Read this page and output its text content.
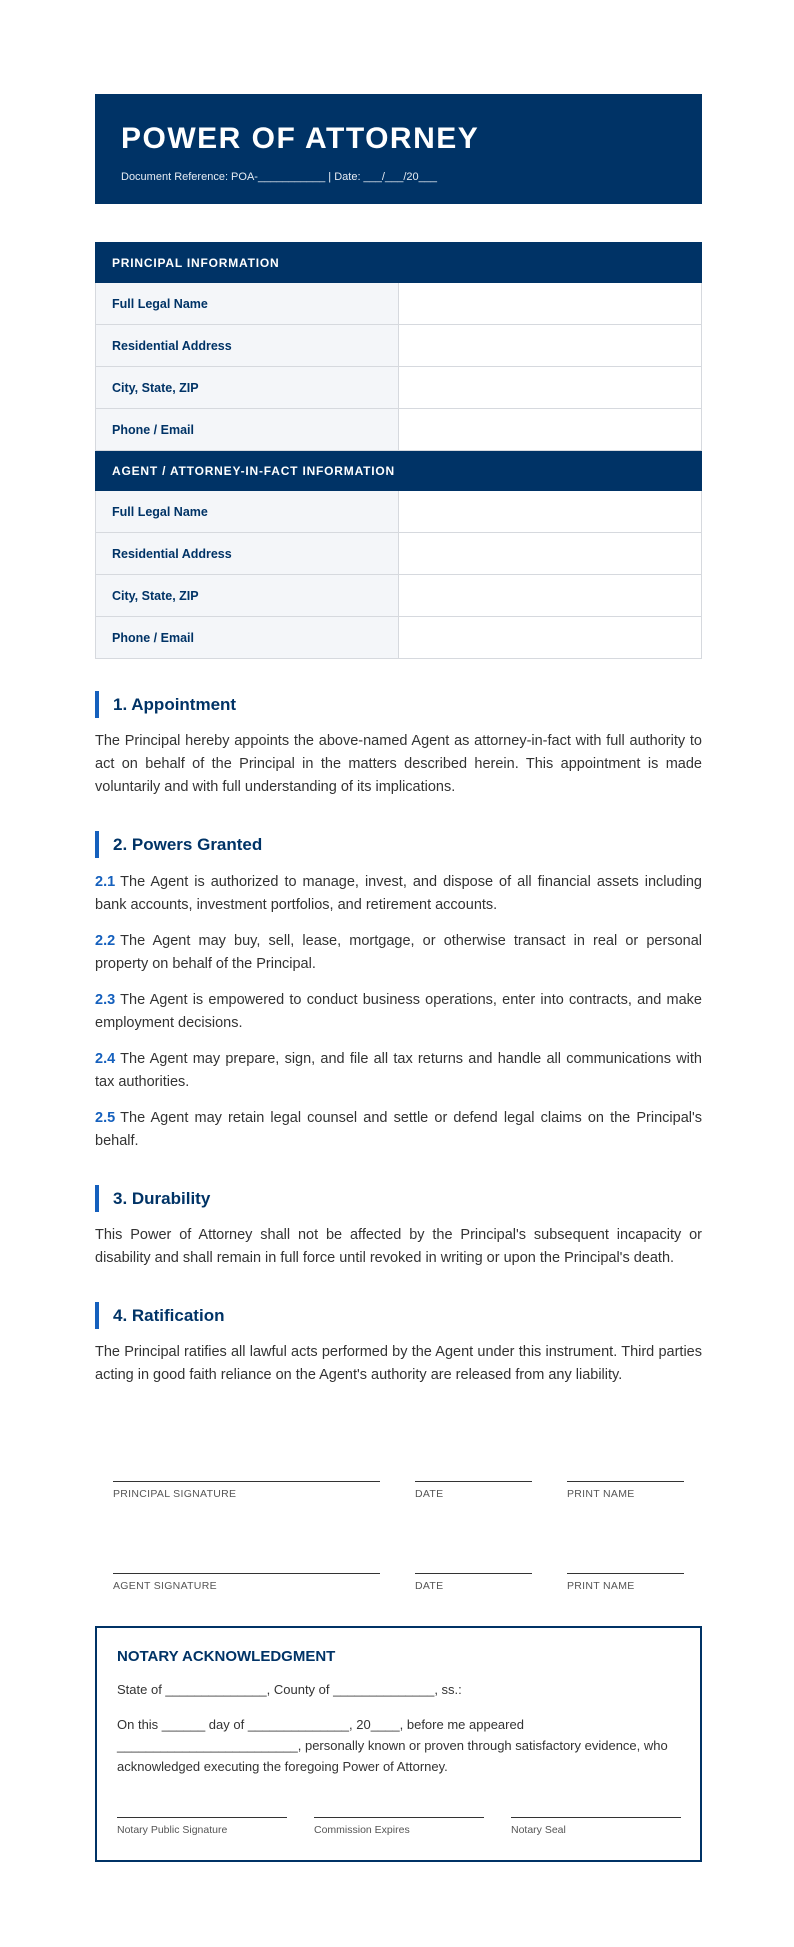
POWER OF ATTORNEY
Document Reference: POA-___________ | Date: ___/___/20___
PRINCIPAL INFORMATION	
Full Legal Name	
Residential Address	
City, State, ZIP	
Phone / Email	
AGENT / ATTORNEY-IN-FACT INFORMATION	
Full Legal Name	
Residential Address	
City, State, ZIP	
Phone / Email	
1. Appointment
The Principal hereby appoints the above-named Agent as attorney-in-fact with full authority to act on behalf of the Principal in the matters described herein. This appointment is made voluntarily and with full understanding of its implications.
2. Powers Granted
2.1 The Agent is authorized to manage, invest, and dispose of all financial assets including bank accounts, investment portfolios, and retirement accounts.
2.2 The Agent may buy, sell, lease, mortgage, or otherwise transact in real or personal property on behalf of the Principal.
2.3 The Agent is empowered to conduct business operations, enter into contracts, and make employment decisions.
2.4 The Agent may prepare, sign, and file all tax returns and handle all communications with tax authorities.
2.5 The Agent may retain legal counsel and settle or defend legal claims on the Principal's behalf.
3. Durability
This Power of Attorney shall not be affected by the Principal's subsequent incapacity or disability and shall remain in full force until revoked in writing or upon the Principal's death.
4. Ratification
The Principal ratifies all lawful acts performed by the Agent under this instrument. Third parties acting in good faith reliance on the Agent's authority are released from any liability.
PRINCIPAL SIGNATURE	DATE	PRINT NAME
AGENT SIGNATURE	DATE	PRINT NAME
NOTARY ACKNOWLEDGMENT
State of ______________, County of ______________, ss.:
On this ______ day of ______________, 20____, before me appeared _________________________, personally known or proven through satisfactory evidence, who acknowledged executing the foregoing Power of Attorney.
Notary Public Signature	Commission Expires	Notary Seal
